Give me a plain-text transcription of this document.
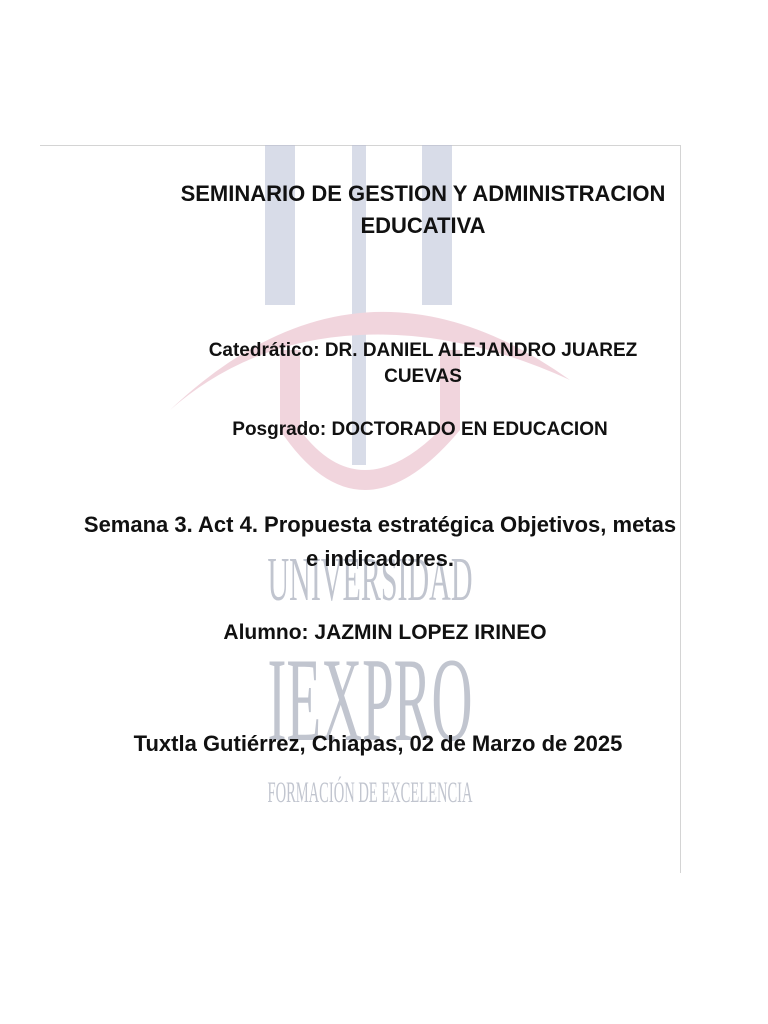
UNIVERSIDAD
IEXPRO
FORMACIÓN DE EXCELENCIA
SEMINARIO DE GESTION Y ADMINISTRACION
EDUCATIVA
Catedrático: DR. DANIEL ALEJANDRO JUAREZ
CUEVAS
Posgrado: DOCTORADO EN EDUCACION
Semana 3. Act 4. Propuesta estratégica Objetivos, metas
e indicadores.
Alumno: JAZMIN LOPEZ IRINEO
Tuxtla Gutiérrez, Chiapas, 02 de Marzo de 2025
